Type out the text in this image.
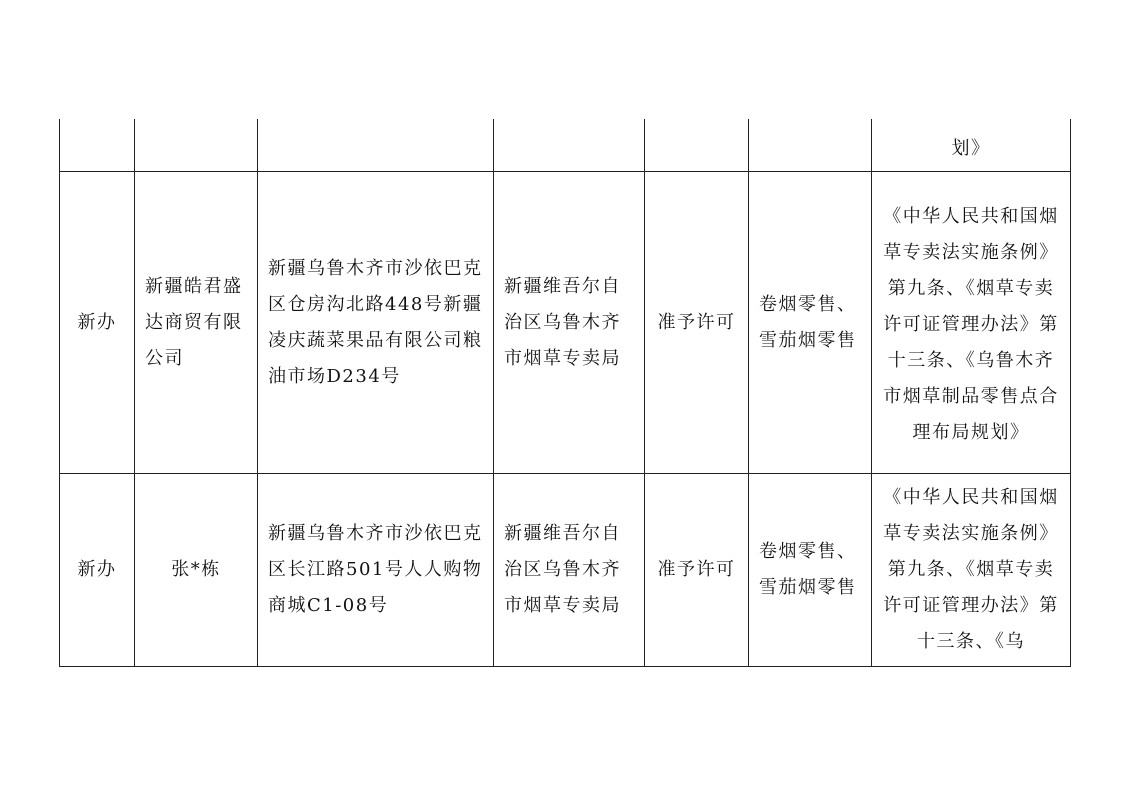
						划》
新办	新疆皓君盛达商贸有限公司	新疆乌鲁木齐市沙依巴克区仓房沟北路448号新疆凌庆蔬菜果品有限公司粮油市场D234号	新疆维吾尔自治区乌鲁木齐市烟草专卖局	准予许可	卷烟零售、雪茄烟零售	《中华人民共和国烟草专卖法实施条例》第九条、《烟草专卖许可证管理办法》第十三条、《乌鲁木齐市烟草制品零售点合理布局规划》
新办	张*栋	新疆乌鲁木齐市沙依巴克区长江路501号人人购物商城C1-08号	新疆维吾尔自治区乌鲁木齐市烟草专卖局	准予许可	卷烟零售、雪茄烟零售	《中华人民共和国烟草专卖法实施条例》第九条、《烟草专卖许可证管理办法》第十三条、《乌
